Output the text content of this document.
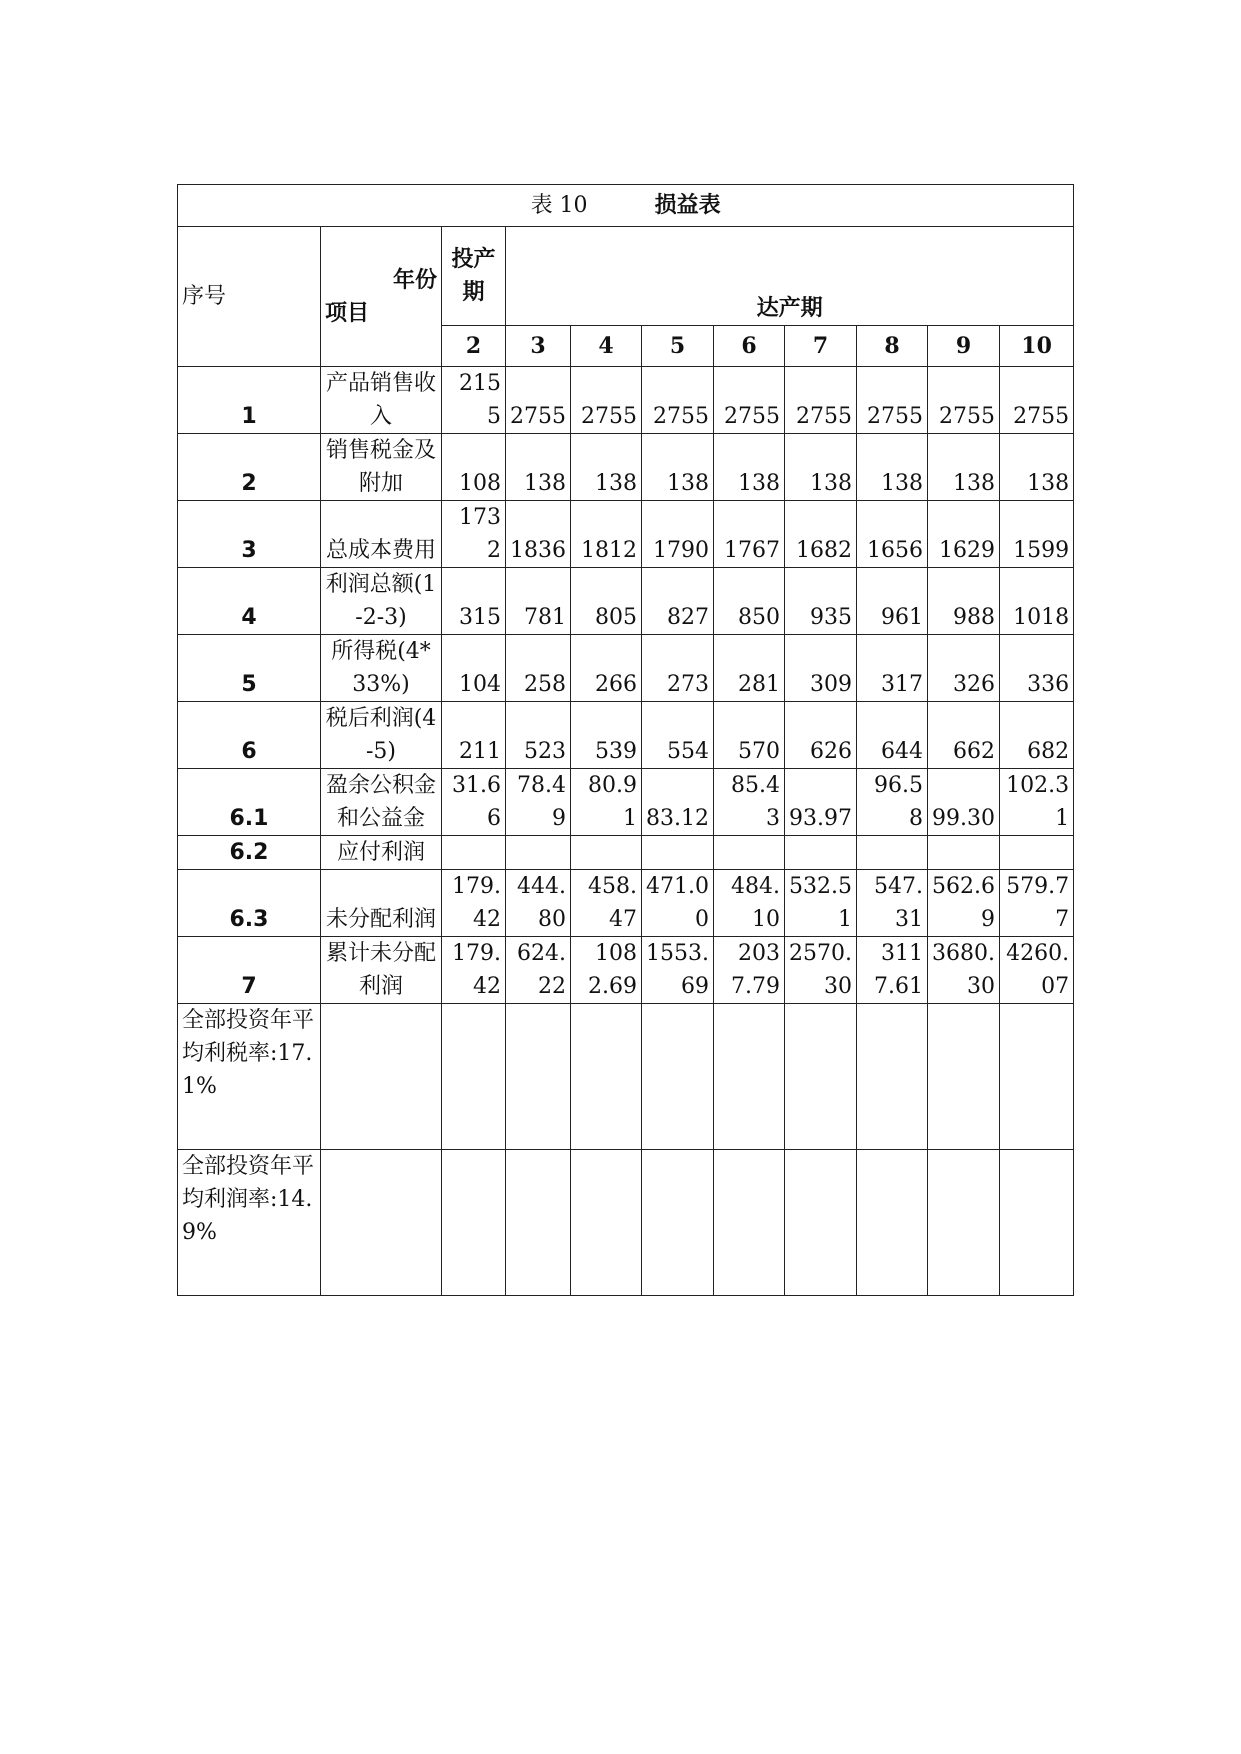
表 10 损益表										
序号	年份
项目	投产期	达产期							
		2	3	4	5	6	7	8	9	10
1	产品销售收入	2155	2755	2755	2755	2755	2755	2755	2755	2755
2	销售税金及附加	108	138	138	138	138	138	138	138	138
3	总成本费用	1732	1836	1812	1790	1767	1682	1656	1629	1599
4	利润总额(1-2-3)	315	781	805	827	850	935	961	988	1018
5	所得税(4*33%)	104	258	266	273	281	309	317	326	336
6	税后利润(4-5)	211	523	539	554	570	626	644	662	682
6.1	盈余公积金和公益金	31.66	78.49	80.91	83.12	85.43	93.97	96.58	99.30	102.31
6.2	应付利润									
6.3	未分配利润	179.42	444.80	458.47	471.00	484.10	532.51	547.31	562.69	579.77
7	累计未分配利润	179.42	624.22	1082.69	1553.69	2037.79	2570.30	3117.61	3680.30	4260.07
全部投资年平均利税率:17.1%										
全部投资年平均利润率:14.9%										
